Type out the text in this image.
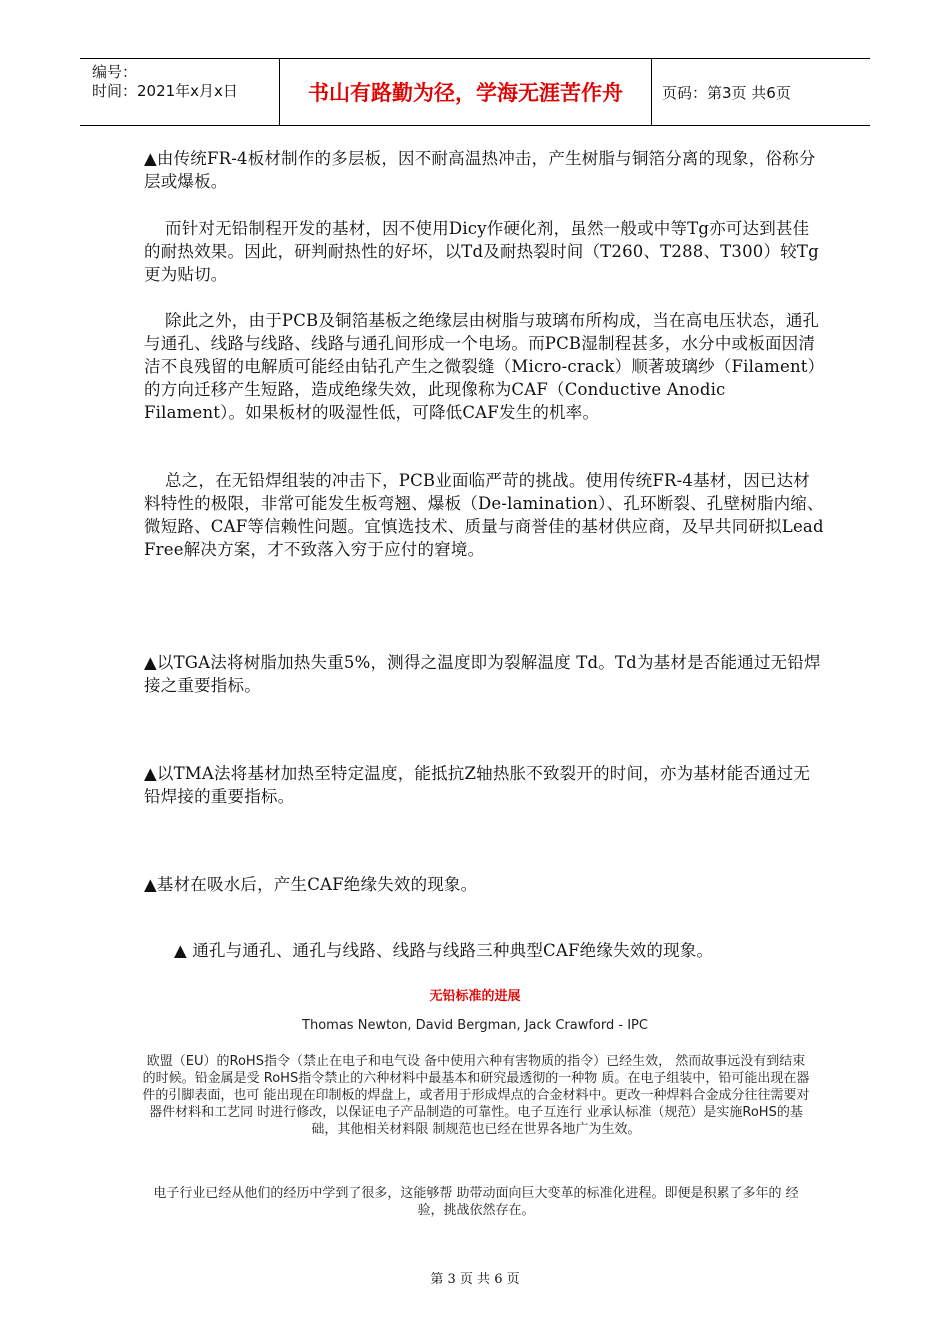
编号：
时间：2021年x月x日	书山有路勤为径，学海无涯苦作舟	页码：第3页 共6页

▲由传统FR-4板材制作的多层板，因不耐高温热冲击，产生树脂与铜箔分离的现象，俗称分层或爆板。

而针对无铅制程开发的基材，因不使用Dicy作硬化剂，虽然一般或中等Tg亦可达到甚佳的耐热效果。因此，研判耐热性的好坏，以Td及耐热裂时间（T260、T288、T300）较Tg更为贴切。

除此之外，由于PCB及铜箔基板之绝缘层由树脂与玻璃布所构成，当在高电压状态，通孔与通孔、线路与线路、线路与通孔间形成一个电场。而PCB湿制程甚多，水分中或板面因清洁不良残留的电解质可能经由钻孔产生之微裂缝（Micro-crack）顺著玻璃纱（Filament）的方向迁移产生短路，造成绝缘失效，此现像称为CAF（Conductive Anodic Filament）。如果板材的吸湿性低，可降低CAF发生的机率。

总之，在无铅焊组装的冲击下，PCB业面临严苛的挑战。使用传统FR-4基材，因已达材料特性的极限，非常可能发生板弯翘、爆板（De-lamination）、孔环断裂、孔壁树脂内缩、微短路、CAF等信赖性问题。宜慎选技术、质量与商誉佳的基材供应商，及早共同研拟Lead Free解决方案，才不致落入穷于应付的窘境。

▲以TGA法将树脂加热失重5%，测得之温度即为裂解温度 Td。Td为基材是否能通过无铅焊接之重要指标。

▲以TMA法将基材加热至特定温度，能抵抗Z轴热胀不致裂开的时间，亦为基材能否通过无铅焊接的重要指标。

▲基材在吸水后，产生CAF绝缘失效的现象。

▲ 通孔与通孔、通孔与线路、线路与线路三种典型CAF绝缘失效的现象。

无铅标准的进展
Thomas Newton, David Bergman, Jack Crawford - IPC
欧盟（EU）的RoHS指令（禁止在电子和电气设 备中使用六种有害物质的指令）已经生效， 然而故事远没有到结束的时候。铅金属是受 RoHS指令禁止的六种材料中最基本和研究最透彻的一种物 质。在电子组装中，铅可能出现在器件的引脚表面，也可 能出现在印制板的焊盘上，或者用于形成焊点的合金材料中。更改一种焊料合金成分往往需要对器件材料和工艺同 时进行修改，以保证电子产品制造的可靠性。电子互连行 业承认标准（规范）是实施RoHS的基础，其他相关材料限 制规范也已经在世界各地广为生效。
电子行业已经从他们的经历中学到了很多，这能够帮 助带动面向巨大变革的标准化进程。即便是积累了多年的 经验，挑战依然存在。
第 3 页 共 6 页
